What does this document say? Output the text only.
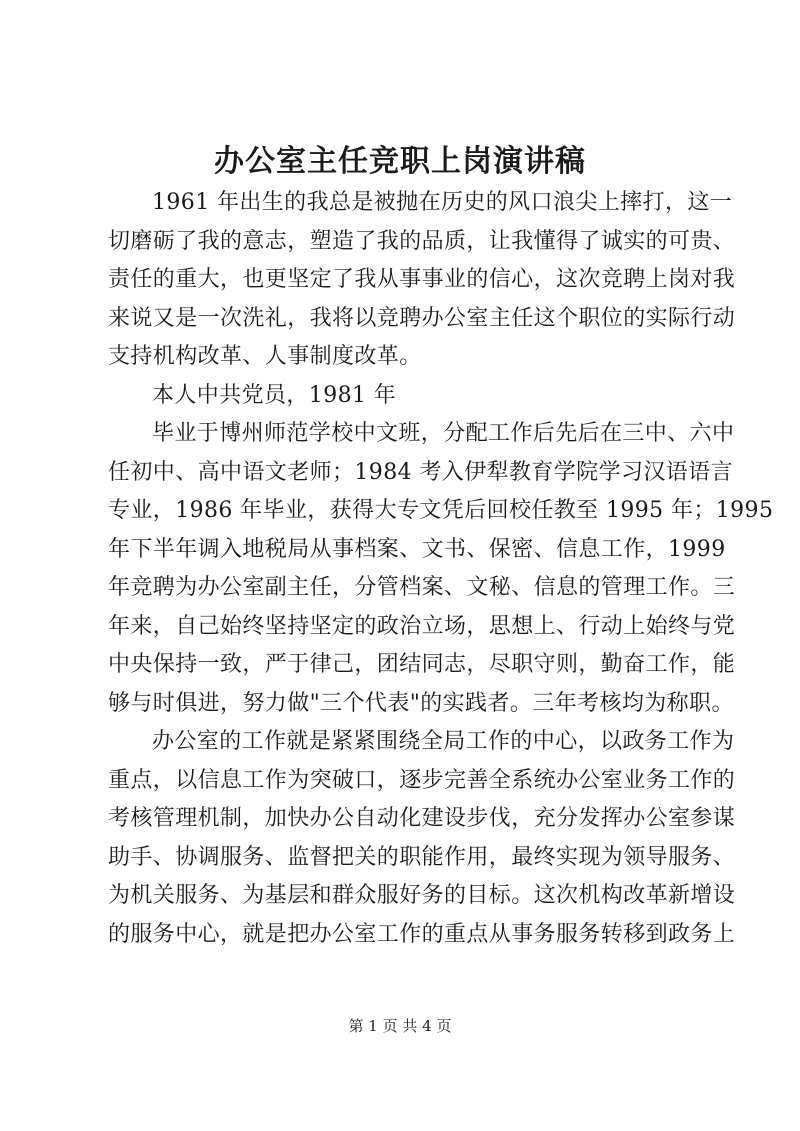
办公室主任竞职上岗演讲稿
1961 年出生的我总是被抛在历史的风口浪尖上摔打，这一
切磨砺了我的意志，塑造了我的品质，让我懂得了诚实的可贵、
责任的重大，也更坚定了我从事事业的信心，这次竞聘上岗对我
来说又是一次洗礼，我将以竞聘办公室主任这个职位的实际行动
支持机构改革、人事制度改革。
本人中共党员，1981 年
毕业于博州师范学校中文班，分配工作后先后在三中、六中
任初中、高中语文老师；1984 考入伊犁教育学院学习汉语语言
专业，1986 年毕业，获得大专文凭后回校任教至 1995 年；1995
年下半年调入地税局从事档案、文书、保密、信息工作，1999
年竞聘为办公室副主任，分管档案、文秘、信息的管理工作。三
年来，自己始终坚持坚定的政治立场，思想上、行动上始终与党
中央保持一致，严于律己，团结同志，尽职守则，勤奋工作，能
够与时俱进，努力做"三个代表"的实践者。三年考核均为称职。
办公室的工作就是紧紧围绕全局工作的中心，以政务工作为
重点，以信息工作为突破口，逐步完善全系统办公室业务工作的
考核管理机制，加快办公自动化建设步伐，充分发挥办公室参谋
助手、协调服务、监督把关的职能作用，最终实现为领导服务、
为机关服务、为基层和群众服好务的目标。这次机构改革新增设
的服务中心，就是把办公室工作的重点从事务服务转移到政务上
第 1 页 共 4 页
